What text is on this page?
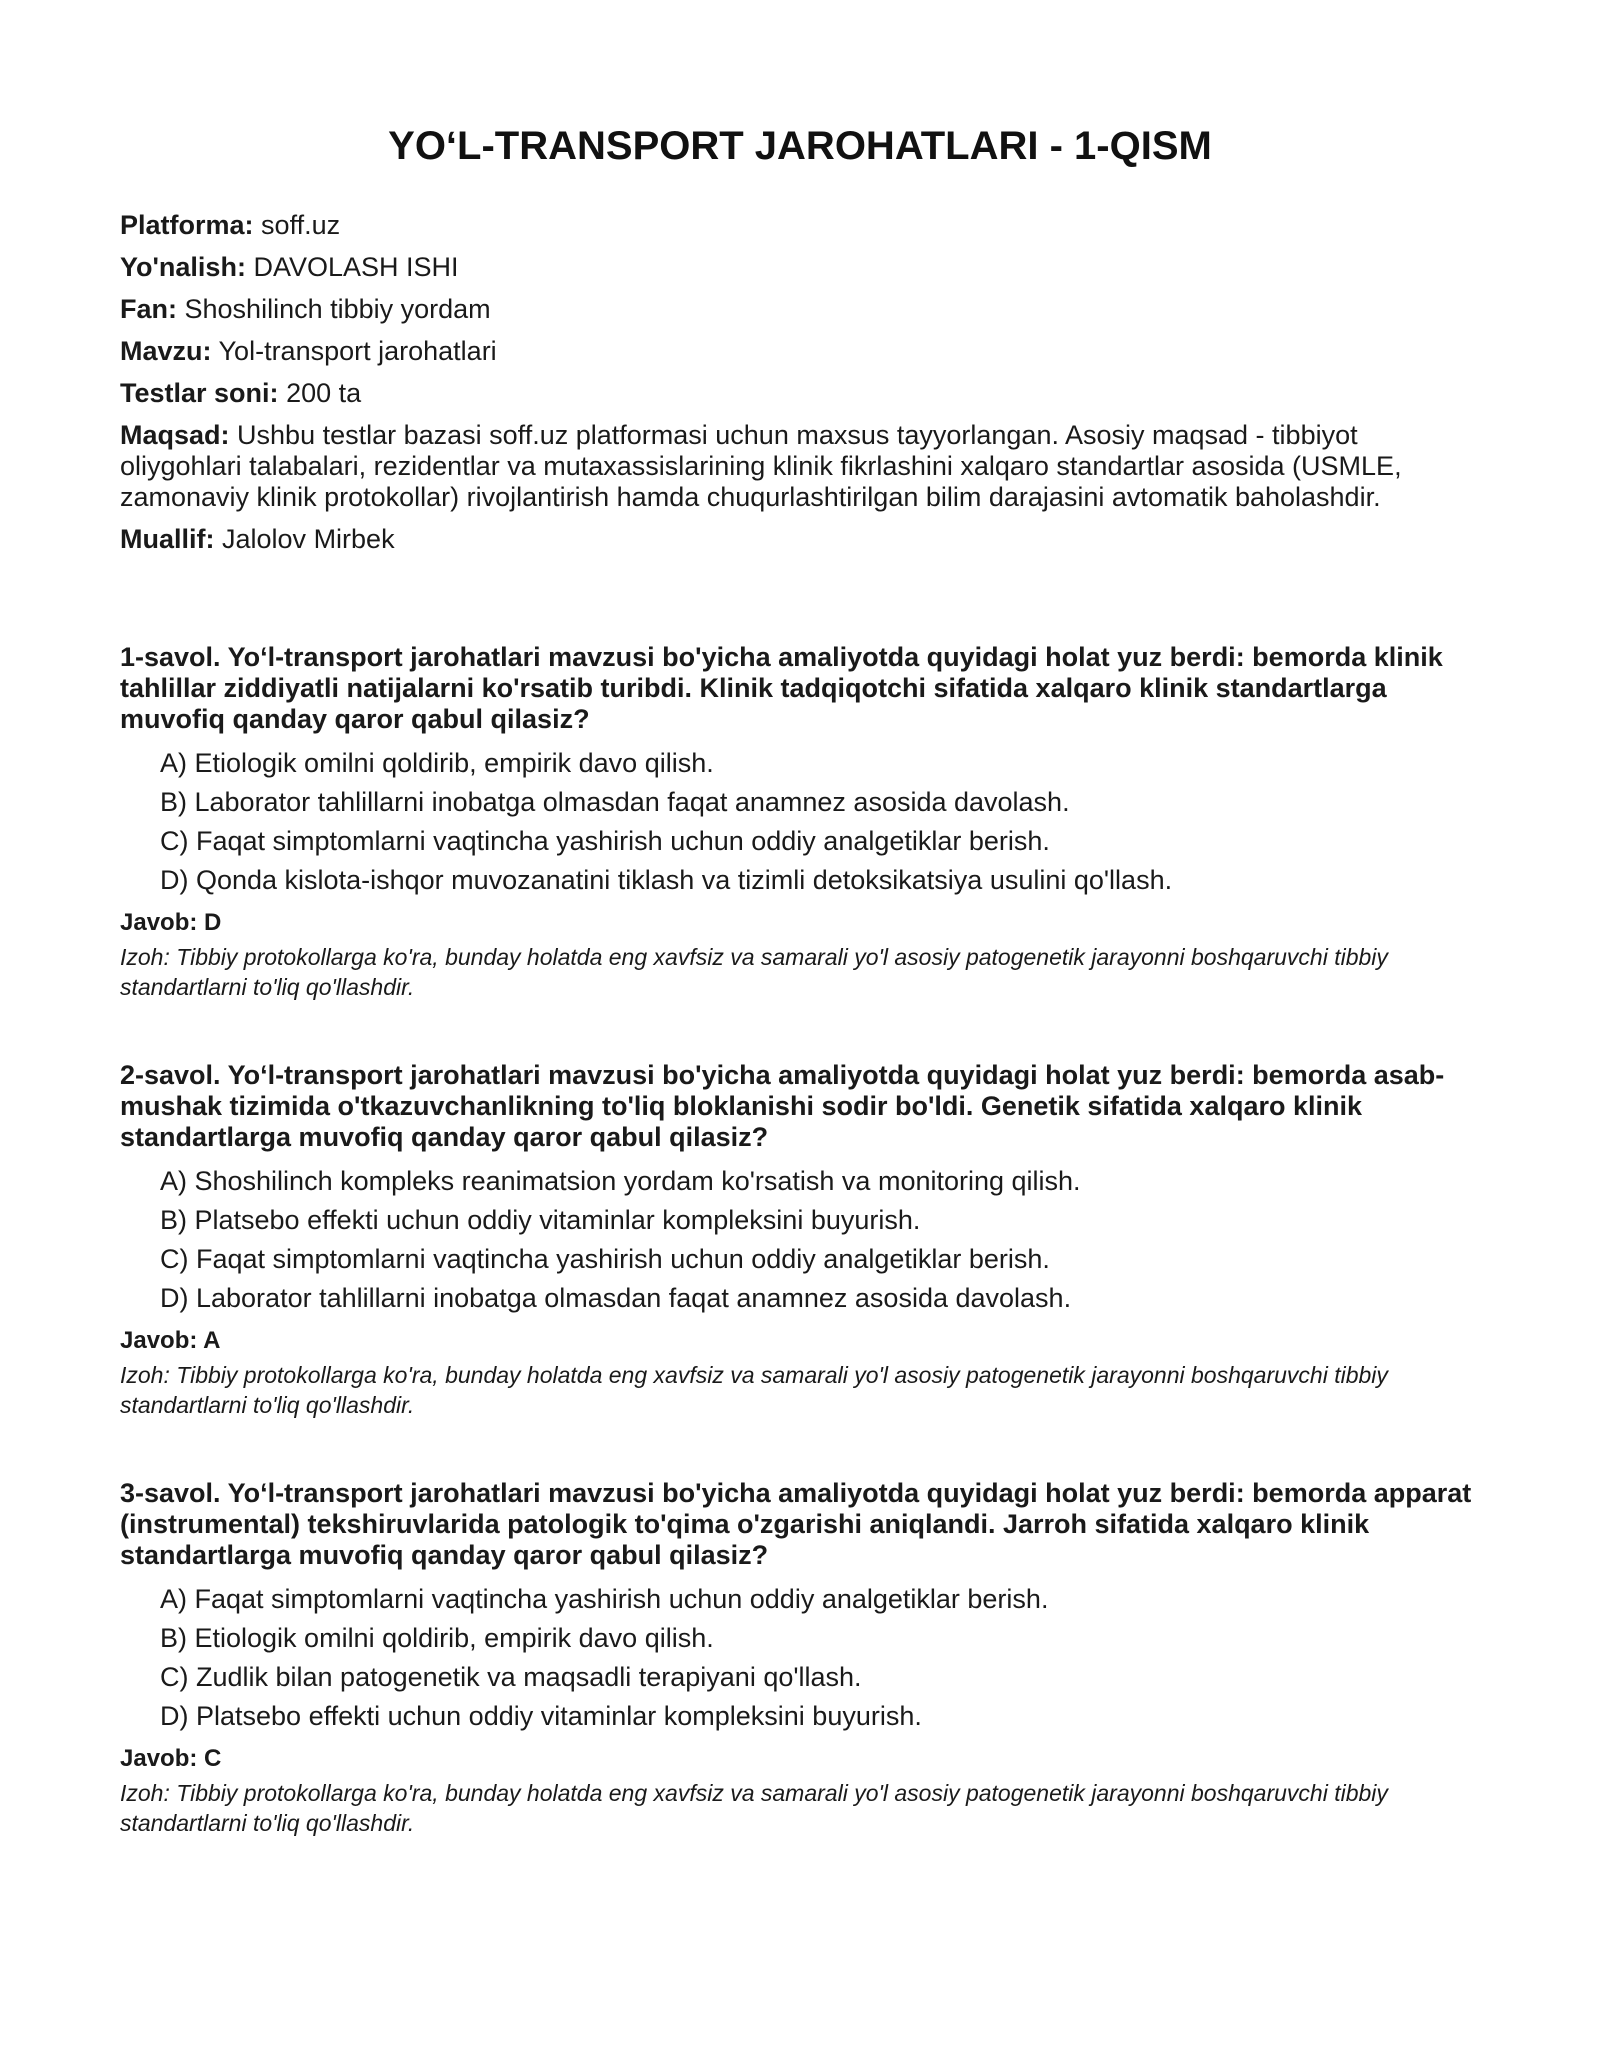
YO‘L-TRANSPORT JAROHATLARI - 1-QISM
Platforma: soff.uz
Yo'nalish: DAVOLASH ISHI
Fan: Shoshilinch tibbiy yordam
Mavzu: Yol-transport jarohatlari
Testlar soni: 200 ta
Maqsad: Ushbu testlar bazasi soff.uz platformasi uchun maxsus tayyorlangan. Asosiy maqsad - tibbiyot oliygohlari talabalari, rezidentlar va mutaxassislarining klinik fikrlashini xalqaro standartlar asosida (USMLE, zamonaviy klinik protokollar) rivojlantirish hamda chuqurlashtirilgan bilim darajasini avtomatik baholashdir.
Muallif: Jalolov Mirbek

1-savol. Yo‘l-transport jarohatlari mavzusi bo'yicha amaliyotda quyidagi holat yuz berdi: bemorda klinik tahlillar ziddiyatli natijalarni ko'rsatib turibdi. Klinik tadqiqotchi sifatida xalqaro klinik standartlarga muvofiq qanday qaror qabul qilasiz?

A) Etiologik omilni qoldirib, empirik davo qilish.
B) Laborator tahlillarni inobatga olmasdan faqat anamnez asosida davolash.
C) Faqat simptomlarni vaqtincha yashirish uchun oddiy analgetiklar berish.
D) Qonda kislota-ishqor muvozanatini tiklash va tizimli detoksikatsiya usulini qo'llash.
Javob: D

Izoh: Tibbiy protokollarga ko'ra, bunday holatda eng xavfsiz va samarali yo'l asosiy patogenetik jarayonni boshqaruvchi tibbiy standartlarni to'liq qo'llashdir.

2-savol. Yo‘l-transport jarohatlari mavzusi bo'yicha amaliyotda quyidagi holat yuz berdi: bemorda asab-mushak tizimida o'tkazuvchanlikning to'liq bloklanishi sodir bo'ldi. Genetik sifatida xalqaro klinik standartlarga muvofiq qanday qaror qabul qilasiz?

A) Shoshilinch kompleks reanimatsion yordam ko'rsatish va monitoring qilish.
B) Platsebo effekti uchun oddiy vitaminlar kompleksini buyurish.
C) Faqat simptomlarni vaqtincha yashirish uchun oddiy analgetiklar berish.
D) Laborator tahlillarni inobatga olmasdan faqat anamnez asosida davolash.
Javob: A

Izoh: Tibbiy protokollarga ko'ra, bunday holatda eng xavfsiz va samarali yo'l asosiy patogenetik jarayonni boshqaruvchi tibbiy standartlarni to'liq qo'llashdir.

3-savol. Yo‘l-transport jarohatlari mavzusi bo'yicha amaliyotda quyidagi holat yuz berdi: bemorda apparat (instrumental) tekshiruvlarida patologik to'qima o'zgarishi aniqlandi. Jarroh sifatida xalqaro klinik standartlarga muvofiq qanday qaror qabul qilasiz?

A) Faqat simptomlarni vaqtincha yashirish uchun oddiy analgetiklar berish.
B) Etiologik omilni qoldirib, empirik davo qilish.
C) Zudlik bilan patogenetik va maqsadli terapiyani qo'llash.
D) Platsebo effekti uchun oddiy vitaminlar kompleksini buyurish.
Javob: C

Izoh: Tibbiy protokollarga ko'ra, bunday holatda eng xavfsiz va samarali yo'l asosiy patogenetik jarayonni boshqaruvchi tibbiy standartlarni to'liq qo'llashdir.
